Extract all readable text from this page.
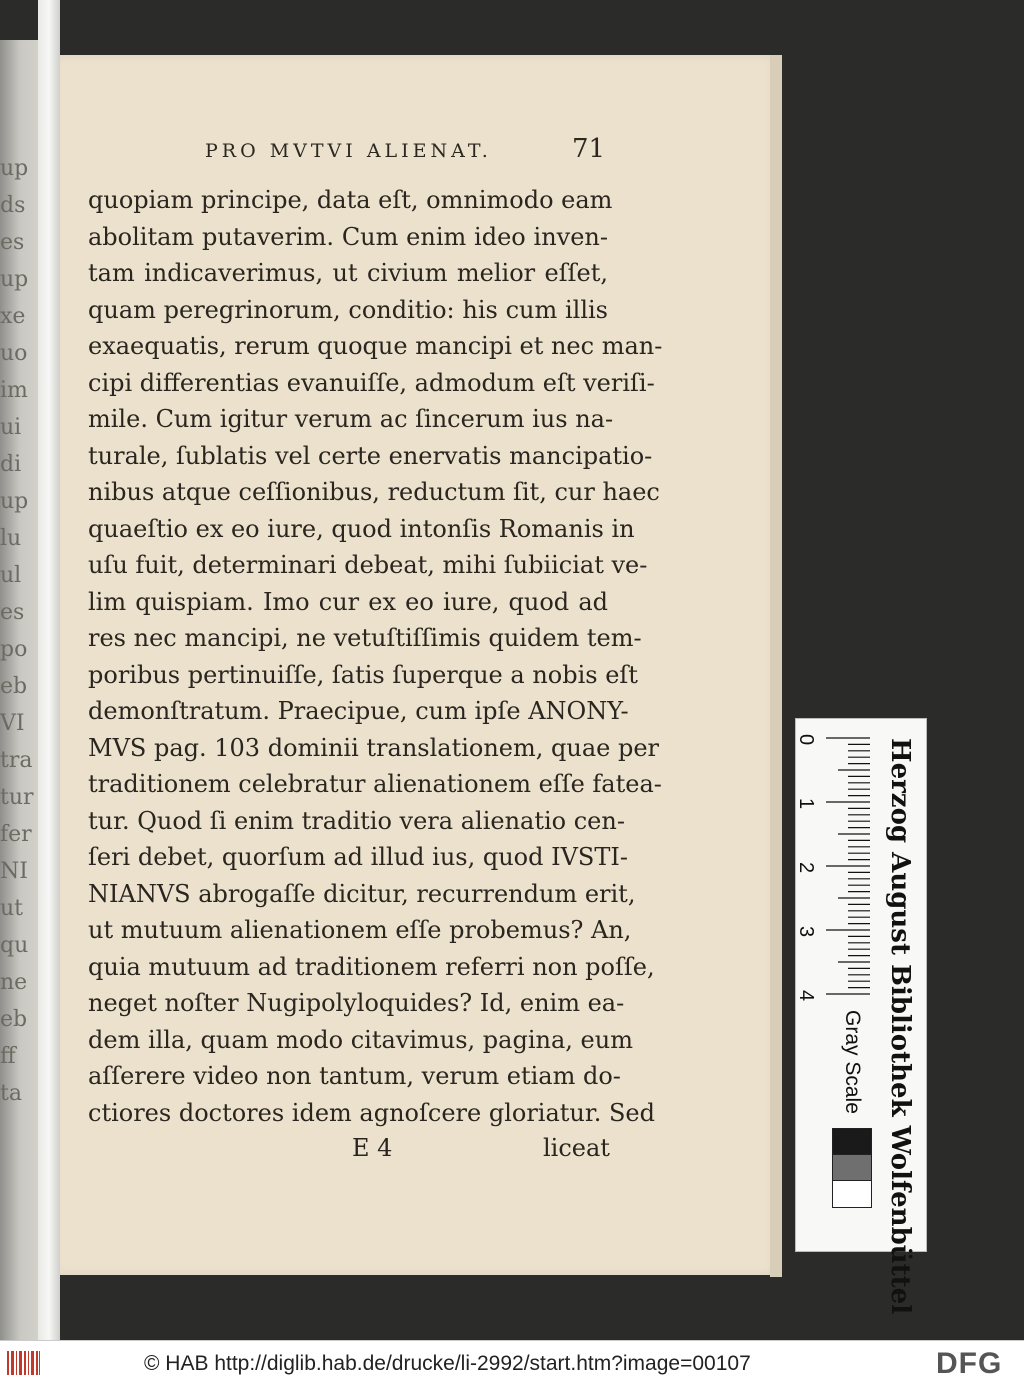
up
ds
es
up
xe
uo
im
ui
di
up
lu
ul
es
po
eb
VI
tra
tur
fer
NI
ut
qu
ne
eb
ff
ta
PRO MVTVI ALIENAT.	71
quopiam principe, data eſt, omnimodo eam
abolitam putaverim. Cum enim ideo inven-
tam indicaverimus, ut civium melior eſſet,
quam peregrinorum, conditio: his cum illis
exaequatis, rerum quoque mancipi et nec man-
cipi differentias evanuiſſe, admodum eſt veriſi-
mile. Cum igitur verum ac ſincerum ius na-
turale, ſublatis vel certe enervatis mancipatio-
nibus atque ceſſionibus, reductum ſit, cur haec
quaeſtio ex eo iure, quod intonſis Romanis in
uſu fuit, determinari debeat, mihi ſubiiciat ve-
lim quispiam. Imo cur ex eo iure, quod ad
res nec mancipi, ne vetuſtiſſimis quidem tem-
poribus pertinuiſſe, ſatis ſuperque a nobis eſt
demonſtratum. Praecipue, cum ipſe ANONY-
MVS pag. 103 dominii translationem, quae per
traditionem celebratur alienationem eſſe fatea-
tur. Quod ſi enim traditio vera alienatio cen-
ſeri debet, quorſum ad illud ius, quod IVSTI-
NIANVS abrogaſſe dicitur, recurrendum erit,
ut mutuum alienationem eſſe probemus? An,
quia mutuum ad traditionem referri non poſſe,
neget noſter Nugipolyloquides? Id, enim ea-
dem illa, quam modo citavimus, pagina, eum
aſſerere video non tantum, verum etiam do-
ctiores doctores idem agnoſcere gloriatur. Sed
E 4	liceat	Herzog August Bibliothek Wolfenbüttel
0
1
2
3
4
Gray Scale
© HAB http://diglib.hab.de/drucke/li-2992/start.htm?image=00107	DFG
